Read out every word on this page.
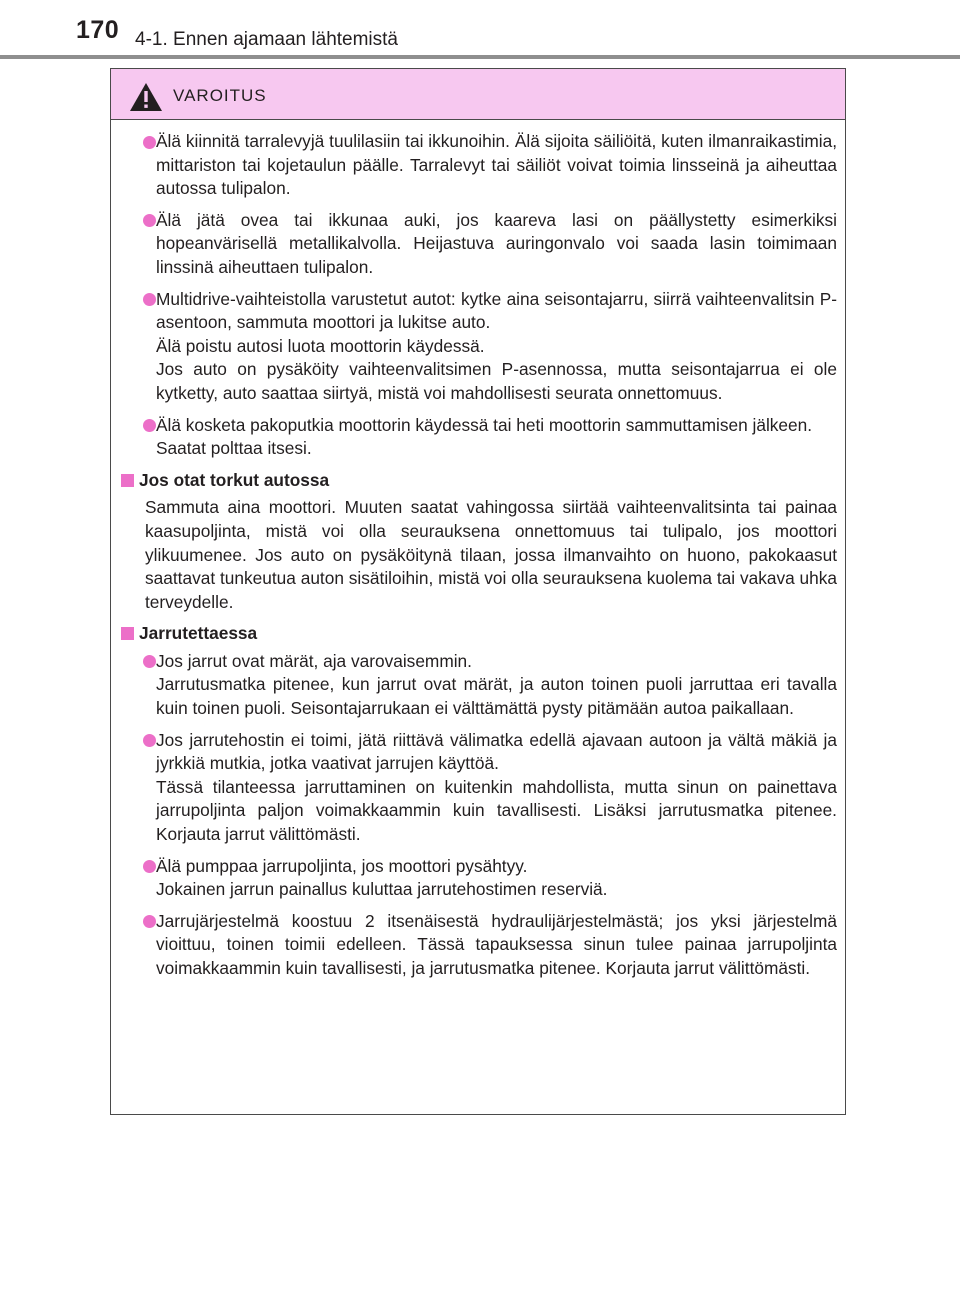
170 4-1. Ennen ajamaan lähtemistä
VAROITUS
Älä kiinnitä tarralevyjä tuulilasiin tai ikkunoihin. Älä sijoita säiliöitä, kuten ilmanraikastimia, mittariston tai kojetaulun päälle. Tarralevyt tai säiliöt voivat toimia linsseinä ja aiheuttaa autossa tulipalon.
Älä jätä ovea tai ikkunaa auki, jos kaareva lasi on päällystetty esimerkiksi hopeanvärisellä metallikalvolla. Heijastuva auringonvalo voi saada lasin toimimaan linssinä aiheuttaen tulipalon.
Multidrive-vaihteistolla varustetut autot: kytke aina seisontajarru, siirrä vaihteenvalitsin P-asentoon, sammuta moottori ja lukitse auto.
Älä poistu autosi luota moottorin käydessä.
Jos auto on pysäköity vaihteenvalitsimen P-asennossa, mutta seisontajarrua ei ole kytketty, auto saattaa siirtyä, mistä voi mahdollisesti seurata onnettomuus.
Älä kosketa pakoputkia moottorin käydessä tai heti moottorin sammuttamisen jälkeen.
Saatat polttaa itsesi.
Jos otat torkut autossa
Sammuta aina moottori. Muuten saatat vahingossa siirtää vaihteenvalitsinta tai painaa kaasupoljinta, mistä voi olla seurauksena onnettomuus tai tulipalo, jos moottori ylikuumenee. Jos auto on pysäköitynä tilaan, jossa ilmanvaihto on huono, pakokaasut saattavat tunkeutua auton sisätiloihin, mistä voi olla seurauksena kuolema tai vakava uhka terveydelle.
Jarrutettaessa
Jos jarrut ovat märät, aja varovaisemmin.
Jarrutusmatka pitenee, kun jarrut ovat märät, ja auton toinen puoli jarruttaa eri tavalla kuin toinen puoli. Seisontajarrukaan ei välttämättä pysty pitämään autoa paikallaan.
Jos jarrutehostin ei toimi, jätä riittävä välimatka edellä ajavaan autoon ja vältä mäkiä ja jyrkkiä mutkia, jotka vaativat jarrujen käyttöä.
Tässä tilanteessa jarruttaminen on kuitenkin mahdollista, mutta sinun on painettava jarrupoljinta paljon voimakkaammin kuin tavallisesti. Lisäksi jarrutusmatka pitenee. Korjauta jarrut välittömästi.
Älä pumppaa jarrupoljinta, jos moottori pysähtyy.
Jokainen jarrun painallus kuluttaa jarrutehostimen reserviä.
Jarrujärjestelmä koostuu 2 itsenäisestä hydraulijärjestelmästä; jos yksi järjestelmä vioittuu, toinen toimii edelleen. Tässä tapauksessa sinun tulee painaa jarrupoljinta voimakkaammin kuin tavallisesti, ja jarrutusmatka pitenee. Korjauta jarrut välittömästi.
